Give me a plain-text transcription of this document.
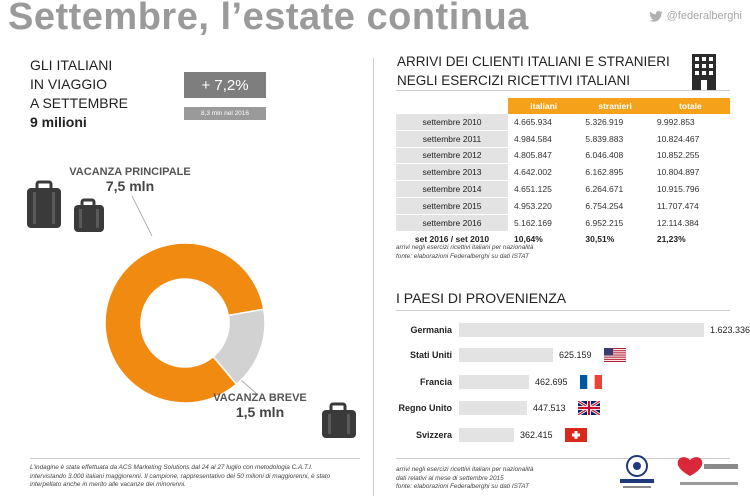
Settembre, l’estate continua	@federalberghi
GLI ITALIANI
IN VIAGGIO
A SETTEMBRE
9 milioni
+ 7,2%
8,3 mln nel 2016
VACANZA PRINCIPALE
7,5 mln
VACANZA BREVE
1,5 mln
L’indagine è stata effettuata da ACS Marketing Solutions dal 24 al 27 luglio con metodologia C.A.T.I. intervistando 3.000 italiani maggiorenni. Il campione, rappresentativo dei 50 milioni di maggiorenni, è stato interpellato anche in merito alle vacanze dei minorenni.
ARRIVI DEI CLIENTI ITALIANI E STRANIERI
NEGLI ESERCIZI RICETTIVI ITALIANI
	italiani	stranieri	totale
settembre 2010	4.665.934	5.326.919	9.992.853
settembre 2011	4.984.584	5.839.883	10.824.467
settembre 2012	4.805.847	6.046.408	10.852.255
settembre 2013	4.642.002	6.162.895	10.804.897
settembre 2014	4.651.125	6.264.671	10.915.796
settembre 2015	4.953.220	6.754.254	11.707.474
settembre 2016	5.162.169	6.952.215	12.114.384
set 2016 / set 2010	10,64%	30,51%	21,23%
arrivi negli esercizi ricettivi italiani per nazionalità
fonte: elaborazioni Federalberghi su dati ISTAT
I PAESI DI PROVENIENZA
Germania	1.623.336
Stati Uniti	625.159
Francia	462.695
Regno Unito	447.513
Svizzera	362.415
arrivi negli esercizi ricettivi italiani per nazionalità
dati relativi al mese di settembre 2015
fonte: elaborazioni Federalberghi su dati ISTAT
